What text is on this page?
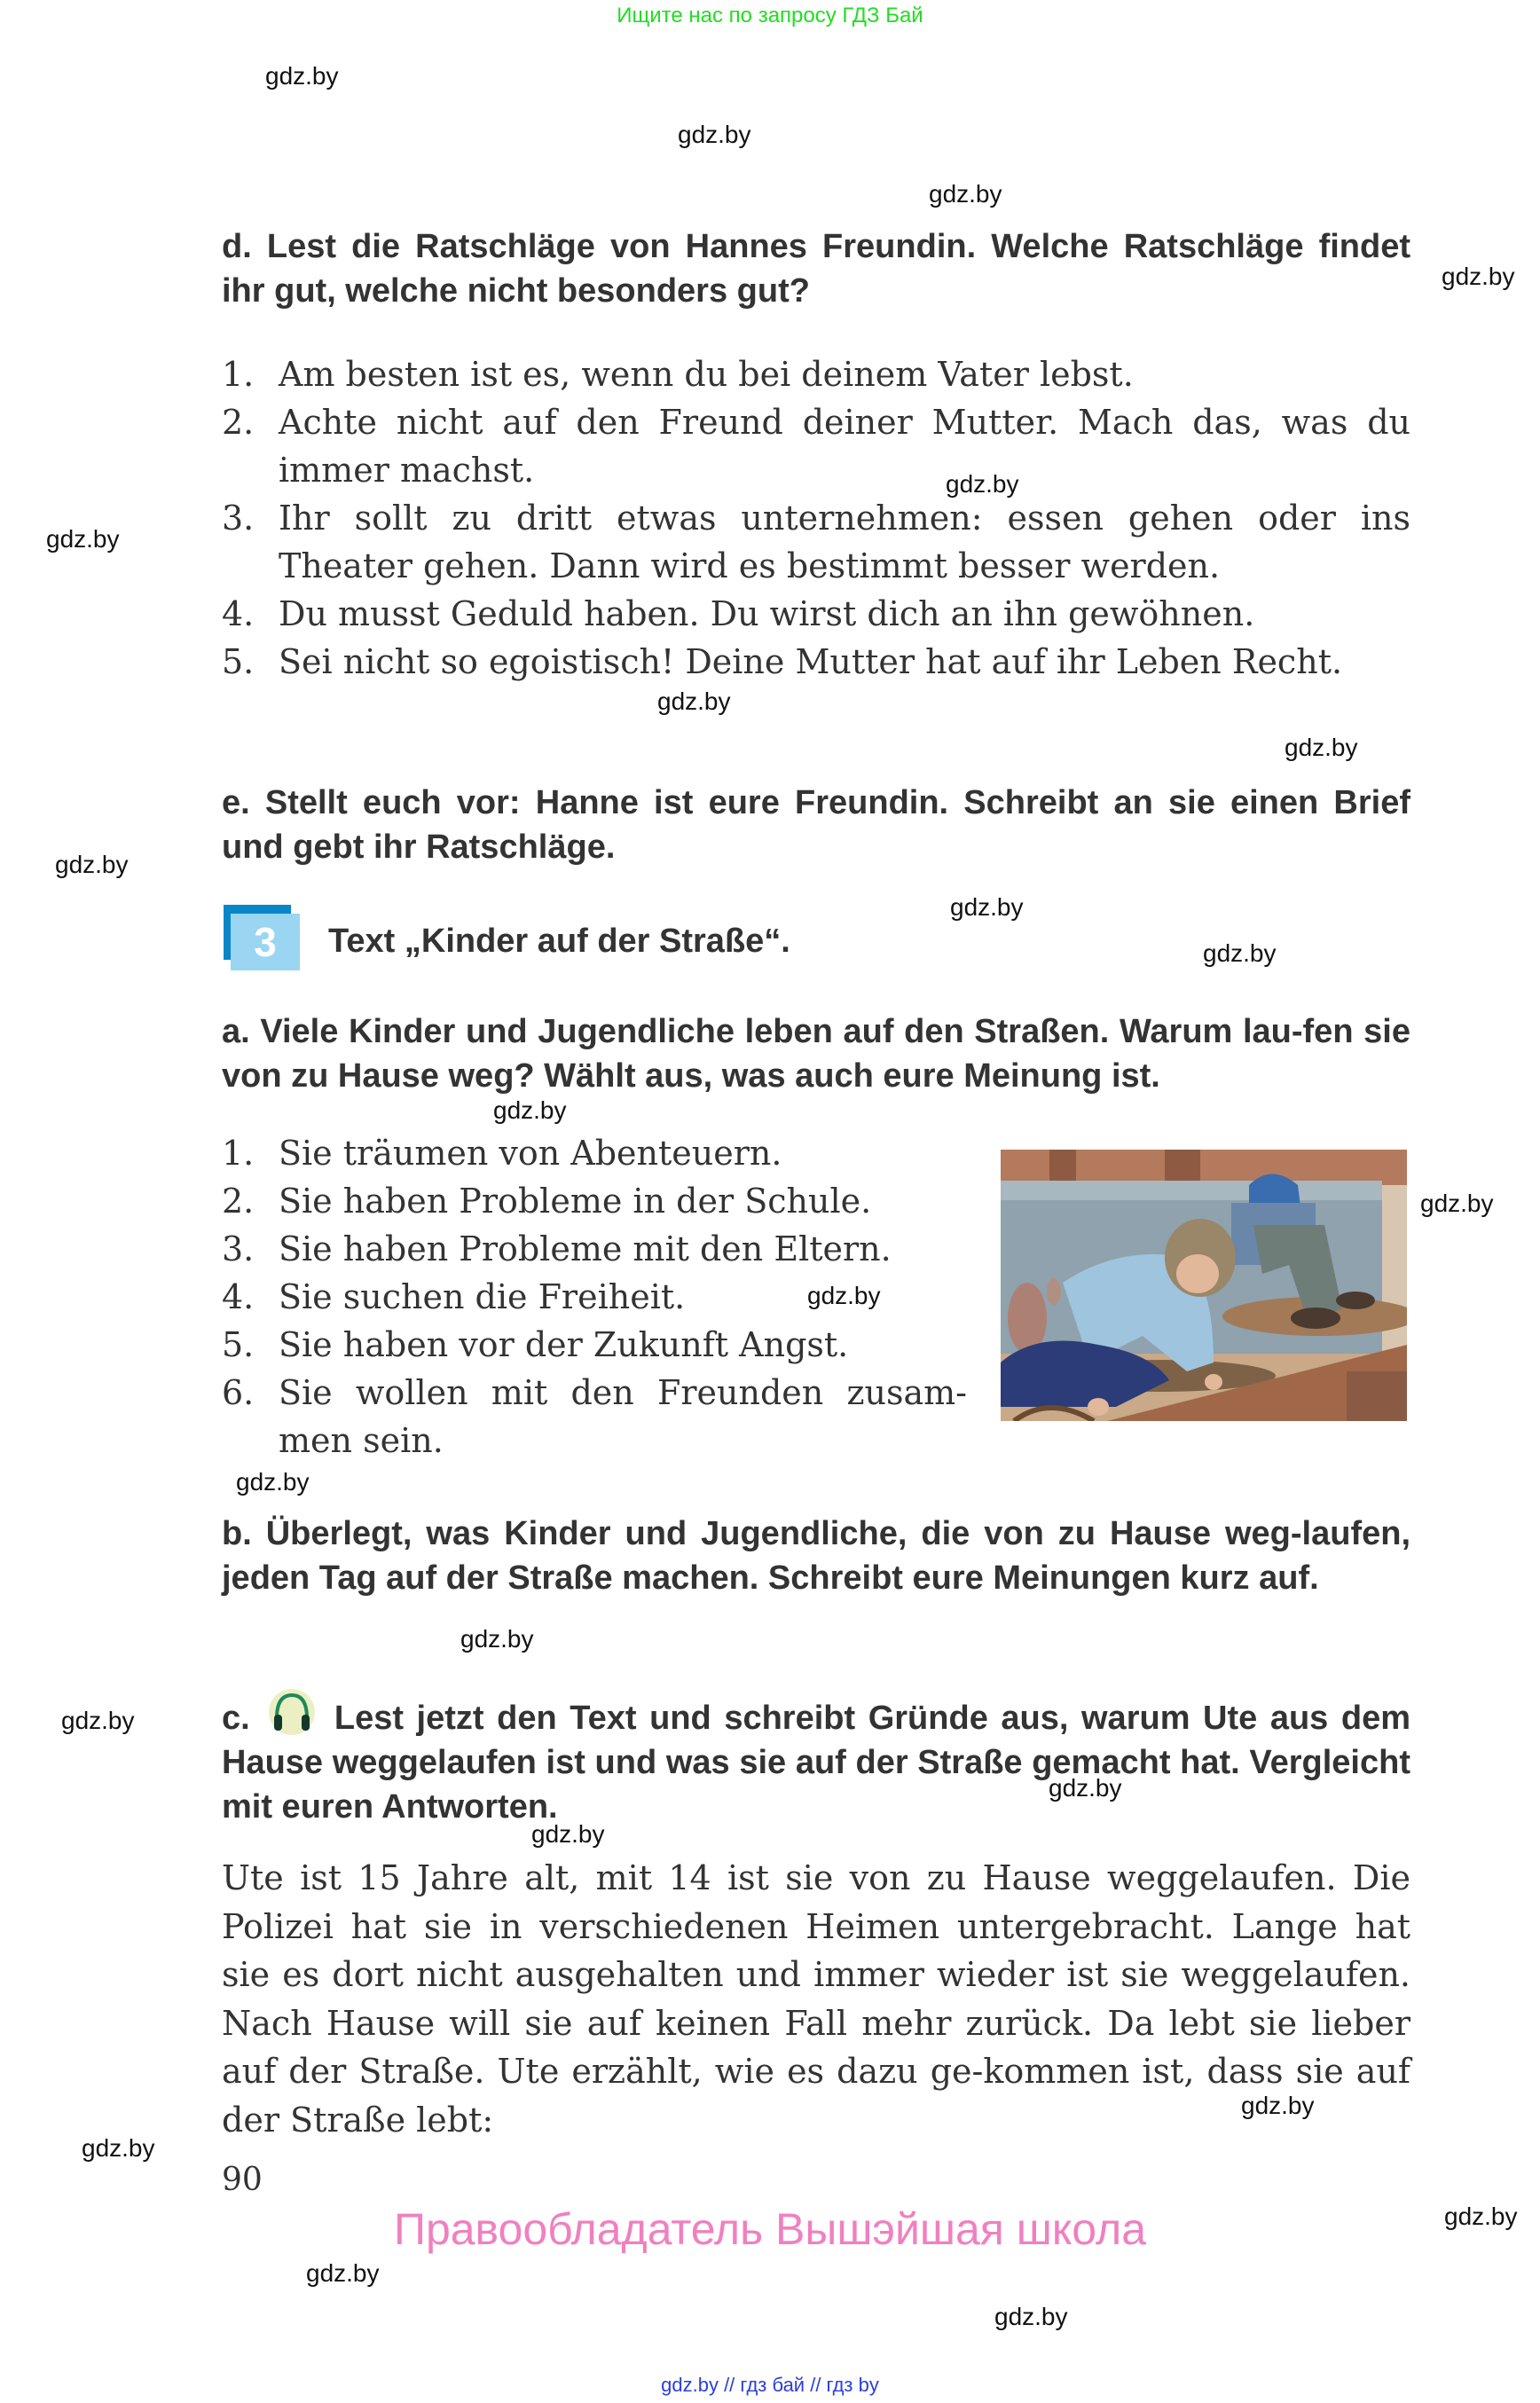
Ищите нас по запросу ГДЗ Бай
d. Lest die Ratschläge von Hannes Freundin. Welche Ratschläge findet ihr gut, welche nicht besonders gut?
1. Am besten ist es, wenn du bei deinem Vater lebst.
2. Achte nicht auf den Freund deiner Mutter. Mach das, was du immer machst.
3. Ihr sollt zu dritt etwas unternehmen: essen gehen oder ins Theater gehen. Dann wird es bestimmt besser werden.
4. Du musst Geduld haben. Du wirst dich an ihn gewöhnen.
5. Sei nicht so egoistisch! Deine Mutter hat auf ihr Leben Recht.
e. Stellt euch vor: Hanne ist eure Freundin. Schreibt an sie einen Brief und gebt ihr Ratschläge.
3	Text „Kinder auf der Straße“.
a. Viele Kinder und Jugendliche leben auf den Straßen. Warum lau-fen sie von zu Hause weg? Wählt aus, was auch eure Meinung ist.
1. Sie träumen von Abenteuern.
2. Sie haben Probleme in der Schule.
3. Sie haben Probleme mit den Eltern.
4. Sie suchen die Freiheit.
5. Sie haben vor der Zukunft Angst.
6. Sie wollen mit den Freunden zusam-men sein.
b. Überlegt, was Kinder und Jugendliche, die von zu Hause weg-laufen, jeden Tag auf der Straße machen. Schreibt eure Meinungen kurz auf.
c.	Lest jetzt den Text und schreibt Gründe aus, warum Ute aus dem Hause weggelaufen ist und was sie auf der Straße gemacht hat. Vergleicht mit euren Antworten.
Ute ist 15 Jahre alt, mit 14 ist sie von zu Hause weggelaufen. Die Polizei hat sie in verschiedenen Heimen untergebracht. Lange hat sie es dort nicht ausgehalten und immer wieder ist sie weggelaufen. Nach Hause will sie auf keinen Fall mehr zurück. Da lebt sie lieber auf der Straße. Ute erzählt, wie es dazu ge-kommen ist, dass sie auf der Straße lebt:
90
Правообладатель Вышэйшая школа
gdz.by // гдз бай // гдз by
gdz.by
gdz.by
gdz.by
gdz.by
gdz.by
gdz.by
gdz.by
gdz.by
gdz.by
gdz.by
gdz.by
gdz.by
gdz.by
gdz.by
gdz.by
gdz.by
gdz.by
gdz.by
gdz.by
gdz.by
gdz.by
gdz.by
gdz.by
gdz.by
